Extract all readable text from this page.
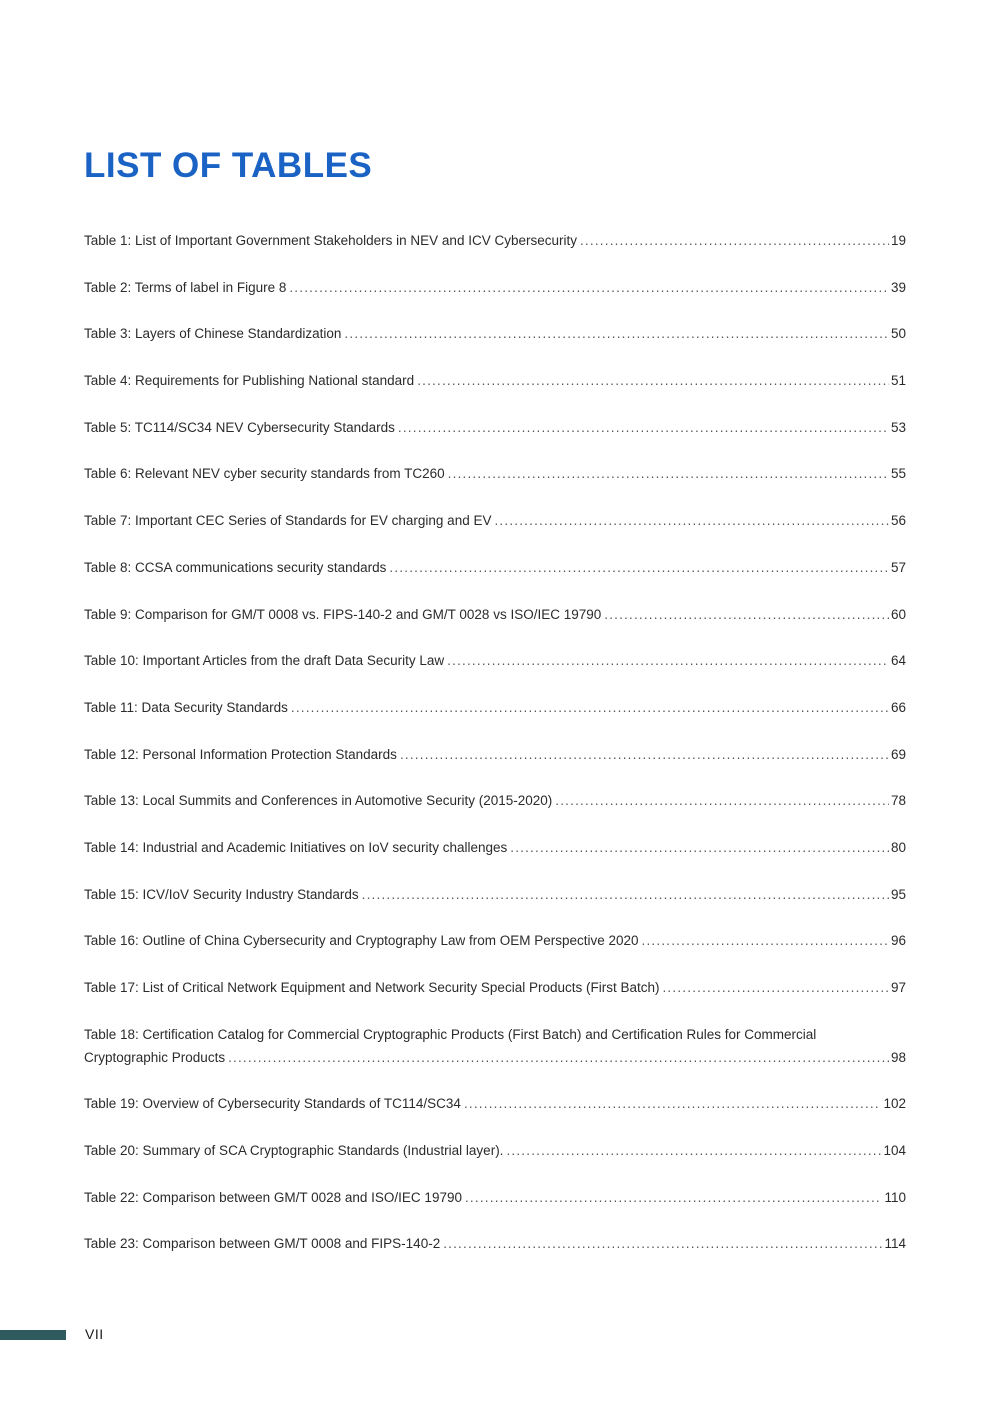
LIST OF TABLES
Table 1: List of Important Government Stakeholders in NEV and ICV Cybersecurity .....	19
Table 2: Terms of label in Figure 8 .....	39
Table 3: Layers of Chinese Standardization .....	50
Table 4: Requirements for Publishing National standard .....	51
Table 5: TC114/SC34 NEV Cybersecurity Standards .....	53
Table 6: Relevant NEV cyber security standards from TC260 .....	55
Table 7: Important CEC Series of Standards for EV charging and EV .....	56
Table 8: CCSA communications security standards .....	57
Table 9: Comparison for GM/T 0008 vs. FIPS-140-2 and GM/T 0028 vs ISO/IEC 19790 .....	60
Table 10: Important Articles from the draft Data Security Law .....	64
Table 11: Data Security Standards .....	66
Table 12: Personal Information Protection Standards .....	69
Table 13: Local Summits and Conferences in Automotive Security (2015-2020) .....	78
Table 14: Industrial and Academic Initiatives on IoV security challenges .....	80
Table 15: ICV/IoV Security Industry Standards .....	95
Table 16: Outline of China Cybersecurity and Cryptography Law from OEM Perspective 2020 .....	96
Table 17: List of Critical Network Equipment and Network Security Special Products (First Batch) .....	97
Table 18: Certification Catalog for Commercial Cryptographic Products (First Batch) and Certification Rules for Commercial
Cryptographic Products .....	98
Table 19: Overview of Cybersecurity Standards of TC114/SC34 .....	102
Table 20: Summary of SCA Cryptographic Standards (Industrial layer). .....	104
Table 22: Comparison between GM/T 0028 and ISO/IEC 19790 .....	110
Table 23: Comparison between GM/T 0008 and FIPS-140-2 .....	114
VII
